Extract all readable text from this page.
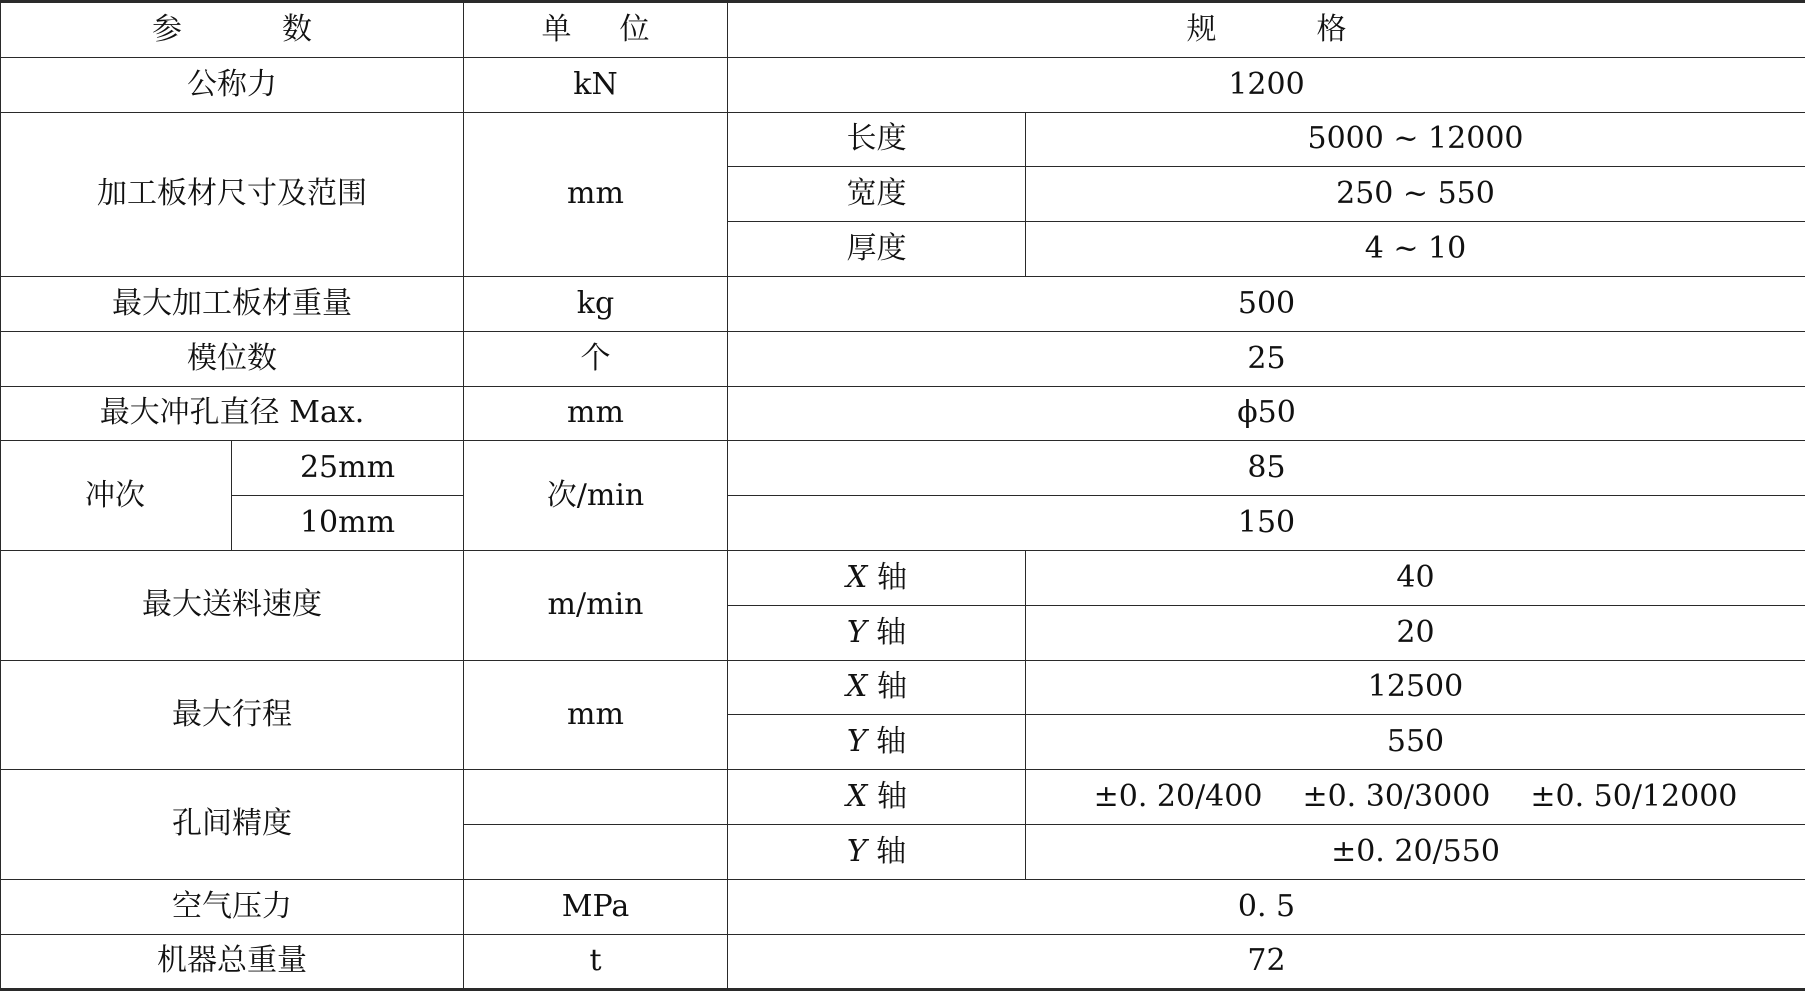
参 数		单 位	规 格	
公称力		kN	1200	
加工板材尺寸及范围		mm	长度	5000 ~ 12000
			宽度	250 ~ 550
			厚度	4 ~ 10
最大加工板材重量		kg	500	
模位数		个	25	
最大冲孔直径 Max.		mm	ϕ50	
冲次	25mm	次/min	85	
	10mm		150	
最大送料速度		m/min	X 轴	40
			Y 轴	20
最大行程		mm	X 轴	12500
			Y 轴	550
孔间精度			X 轴	±0. 20/400 ±0. 30/3000 ±0. 50/12000
			Y 轴	±0. 20/550
空气压力		MPa	0. 5	
机器总重量		t	72	
